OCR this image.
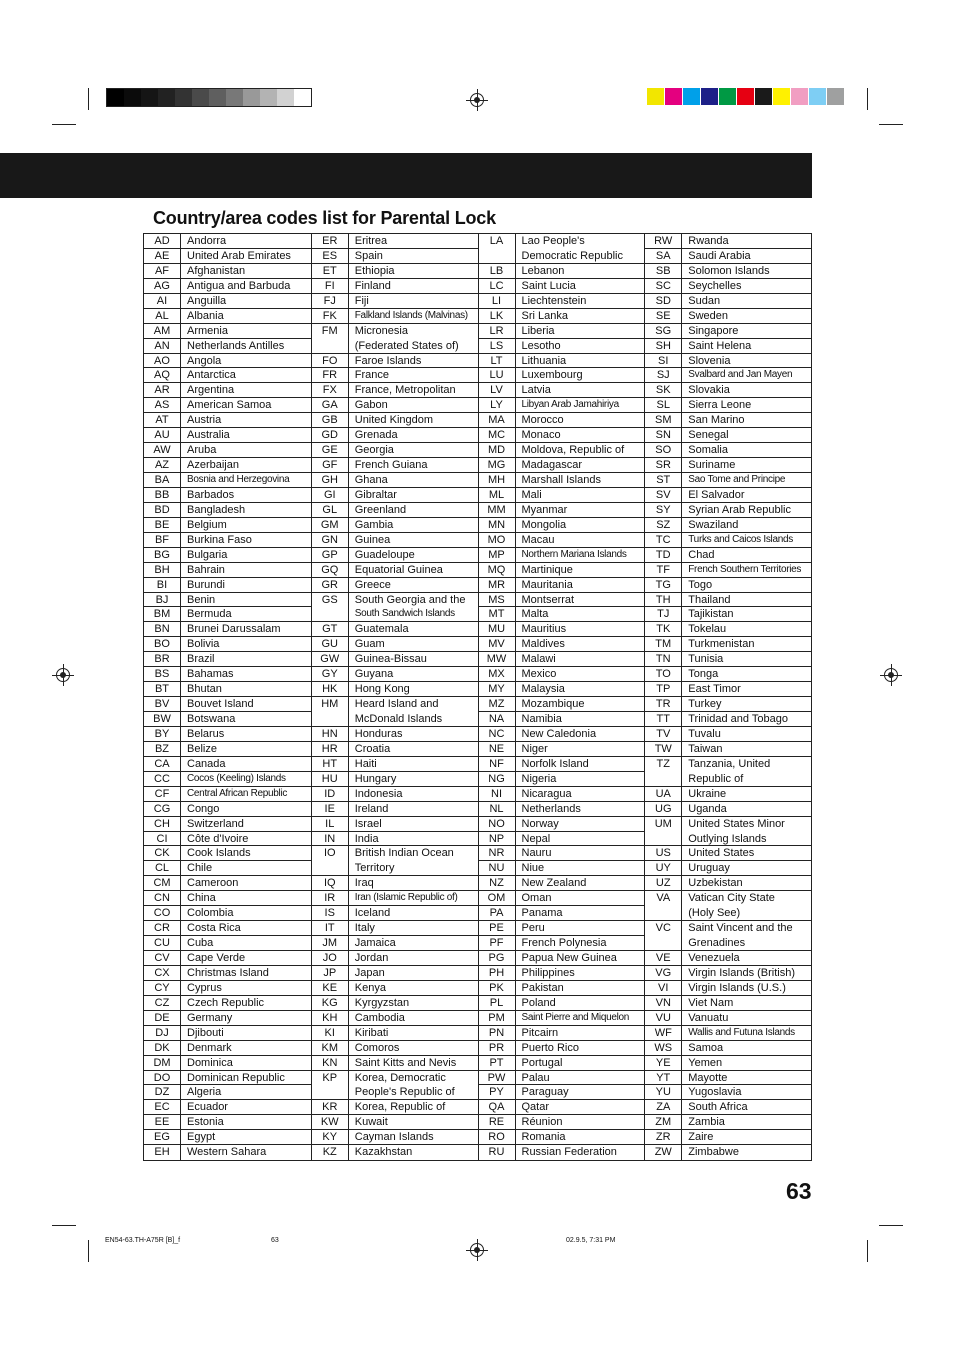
Country/area codes list for Parental Lock
AD	Andorra
AE	United Arab Emirates
AF	Afghanistan
AG	Antigua and Barbuda
AI	Anguilla
AL	Albania
AM	Armenia
AN	Netherlands Antilles
AO	Angola
AQ	Antarctica
AR	Argentina
AS	American Samoa
AT	Austria
AU	Australia
AW	Aruba
AZ	Azerbaijan
BA	Bosnia and Herzegovina
BB	Barbados
BD	Bangladesh
BE	Belgium
BF	Burkina Faso
BG	Bulgaria
BH	Bahrain
BI	Burundi
BJ	Benin
BM	Bermuda
BN	Brunei Darussalam
BO	Bolivia
BR	Brazil
BS	Bahamas
BT	Bhutan
BV	Bouvet Island
BW	Botswana
BY	Belarus
BZ	Belize
CA	Canada
CC	Cocos (Keeling) Islands
CF	Central African Republic
CG	Congo
CH	Switzerland
CI	Côte d'Ivoire
CK	Cook Islands
CL	Chile
CM	Cameroon
CN	China
CO	Colombia
CR	Costa Rica
CU	Cuba
CV	Cape Verde
CX	Christmas Island
CY	Cyprus
CZ	Czech Republic
DE	Germany
DJ	Djibouti
DK	Denmark
DM	Dominica
DO	Dominican Republic
DZ	Algeria
EC	Ecuador
EE	Estonia
EG	Egypt
EH	Western Sahara
ER	Eritrea
ES	Spain
ET	Ethiopia
FI	Finland
FJ	Fiji
FK	Falkland Islands (Malvinas)
FM	Micronesia
(Federated States of)
FO	Faroe Islands
FR	France
FX	France, Metropolitan
GA	Gabon
GB	United Kingdom
GD	Grenada
GE	Georgia
GF	French Guiana
GH	Ghana
GI	Gibraltar
GL	Greenland
GM	Gambia
GN	Guinea
GP	Guadeloupe
GQ	Equatorial Guinea
GR	Greece
GS	South Georgia and the
South Sandwich Islands
GT	Guatemala
GU	Guam
GW	Guinea-Bissau
GY	Guyana
HK	Hong Kong
HM	Heard Island and
McDonald Islands
HN	Honduras
HR	Croatia
HT	Haiti
HU	Hungary
ID	Indonesia
IE	Ireland
IL	Israel
IN	India
IO	British Indian Ocean
Territory
IQ	Iraq
IR	Iran (Islamic Republic of)
IS	Iceland
IT	Italy
JM	Jamaica
JO	Jordan
JP	Japan
KE	Kenya
KG	Kyrgyzstan
KH	Cambodia
KI	Kiribati
KM	Comoros
KN	Saint Kitts and Nevis
KP	Korea, Democratic
People's Republic of
KR	Korea, Republic of
KW	Kuwait
KY	Cayman Islands
KZ	Kazakhstan
LA	Lao People's
Democratic Republic
LB	Lebanon
LC	Saint Lucia
LI	Liechtenstein
LK	Sri Lanka
LR	Liberia
LS	Lesotho
LT	Lithuania
LU	Luxembourg
LV	Latvia
LY	Libyan Arab Jamahiriya
MA	Morocco
MC	Monaco
MD	Moldova, Republic of
MG	Madagascar
MH	Marshall Islands
ML	Mali
MM	Myanmar
MN	Mongolia
MO	Macau
MP	Northern Mariana Islands
MQ	Martinique
MR	Mauritania
MS	Montserrat
MT	Malta
MU	Mauritius
MV	Maldives
MW	Malawi
MX	Mexico
MY	Malaysia
MZ	Mozambique
NA	Namibia
NC	New Caledonia
NE	Niger
NF	Norfolk Island
NG	Nigeria
NI	Nicaragua
NL	Netherlands
NO	Norway
NP	Nepal
NR	Nauru
NU	Niue
NZ	New Zealand
OM	Oman
PA	Panama
PE	Peru
PF	French Polynesia
PG	Papua New Guinea
PH	Philippines
PK	Pakistan
PL	Poland
PM	Saint Pierre and Miquelon
PN	Pitcairn
PR	Puerto Rico
PT	Portugal
PW	Palau
PY	Paraguay
QA	Qatar
RE	Réunion
RO	Romania
RU	Russian Federation
RW	Rwanda
SA	Saudi Arabia
SB	Solomon Islands
SC	Seychelles
SD	Sudan
SE	Sweden
SG	Singapore
SH	Saint Helena
SI	Slovenia
SJ	Svalbard and Jan Mayen
SK	Slovakia
SL	Sierra Leone
SM	San Marino
SN	Senegal
SO	Somalia
SR	Suriname
ST	Sao Tome and Principe
SV	El Salvador
SY	Syrian Arab Republic
SZ	Swaziland
TC	Turks and Caicos Islands
TD	Chad
TF	French Southern Territories
TG	Togo
TH	Thailand
TJ	Tajikistan
TK	Tokelau
TM	Turkmenistan
TN	Tunisia
TO	Tonga
TP	East Timor
TR	Turkey
TT	Trinidad and Tobago
TV	Tuvalu
TW	Taiwan
TZ	Tanzania, United
Republic of
UA	Ukraine
UG	Uganda
UM	United States Minor
Outlying Islands
US	United States
UY	Uruguay
UZ	Uzbekistan
VA	Vatican City State
(Holy See)
VC	Saint Vincent and the
Grenadines
VE	Venezuela
VG	Virgin Islands (British)
VI	Virgin Islands (U.S.)
VN	Viet Nam
VU	Vanuatu
WF	Wallis and Futuna Islands
WS	Samoa
YE	Yemen
YT	Mayotte
YU	Yugoslavia
ZA	South Africa
ZM	Zambia
ZR	Zaire
ZW	Zimbabwe
63
EN54-63.TH-A75R [B]_f	63	02.9.5, 7:31 PM
